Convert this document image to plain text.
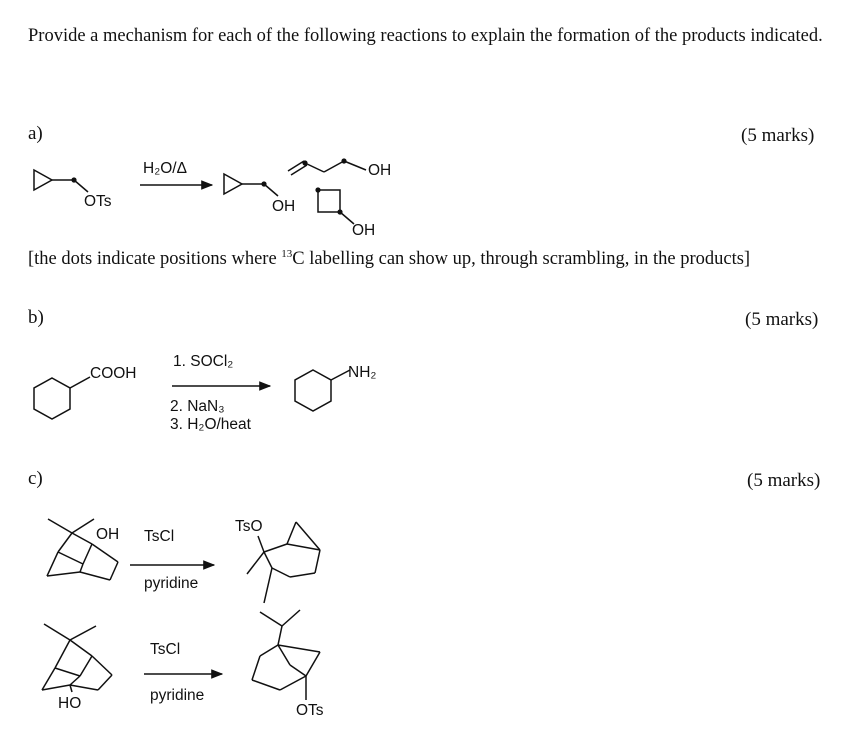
Provide a mechanism for each of the following reactions to explain the formation of the products indicated.
a)	(5 marks)
OTs
H₂O/Δ
OH
OH
OH
[the dots indicate positions where $^{13}$C labelling can show up, through scrambling, in the products]
b)	(5 marks)
COOH
1. SOCl₂
2. NaN₃
3. H₂O/heat
NH₂
c)	(5 marks)
OH TsCl
pyridine
TsO
HO
TsCl
pyridine
OTs
